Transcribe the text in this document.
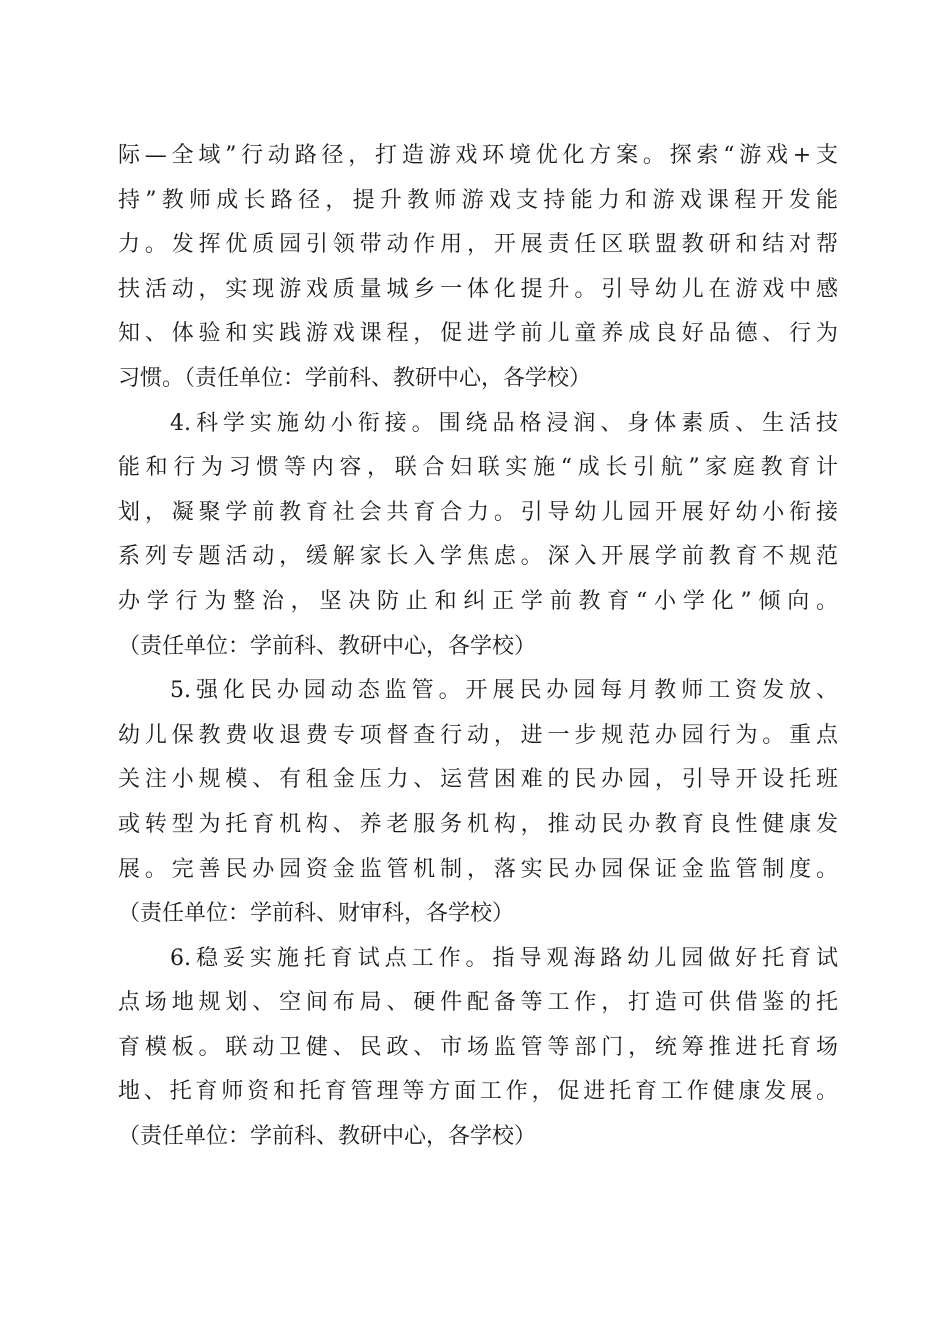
际—全域”行动路径，打造游戏环境优化方案。探索“游戏+支
持”教师成长路径，提升教师游戏支持能力和游戏课程开发能
力。发挥优质园引领带动作用，开展责任区联盟教研和结对帮
扶活动，实现游戏质量城乡一体化提升。引导幼儿在游戏中感
知、体验和实践游戏课程，促进学前儿童养成良好品德、行为
习惯。（责任单位：学前科、教研中心，各学校）
4.科学实施幼小衔接。围绕品格浸润、身体素质、生活技
能和行为习惯等内容，联合妇联实施“成长引航”家庭教育计
划，凝聚学前教育社会共育合力。引导幼儿园开展好幼小衔接
系列专题活动，缓解家长入学焦虑。深入开展学前教育不规范
办学行为整治，坚决防止和纠正学前教育“小学化”倾向。
（责任单位：学前科、教研中心，各学校）
5.强化民办园动态监管。开展民办园每月教师工资发放、
幼儿保教费收退费专项督查行动，进一步规范办园行为。重点
关注小规模、有租金压力、运营困难的民办园，引导开设托班
或转型为托育机构、养老服务机构，推动民办教育良性健康发
展。完善民办园资金监管机制，落实民办园保证金监管制度。
（责任单位：学前科、财审科，各学校）
6.稳妥实施托育试点工作。指导观海路幼儿园做好托育试
点场地规划、空间布局、硬件配备等工作，打造可供借鉴的托
育模板。联动卫健、民政、市场监管等部门，统筹推进托育场
地、托育师资和托育管理等方面工作，促进托育工作健康发展。
（责任单位：学前科、教研中心，各学校）
